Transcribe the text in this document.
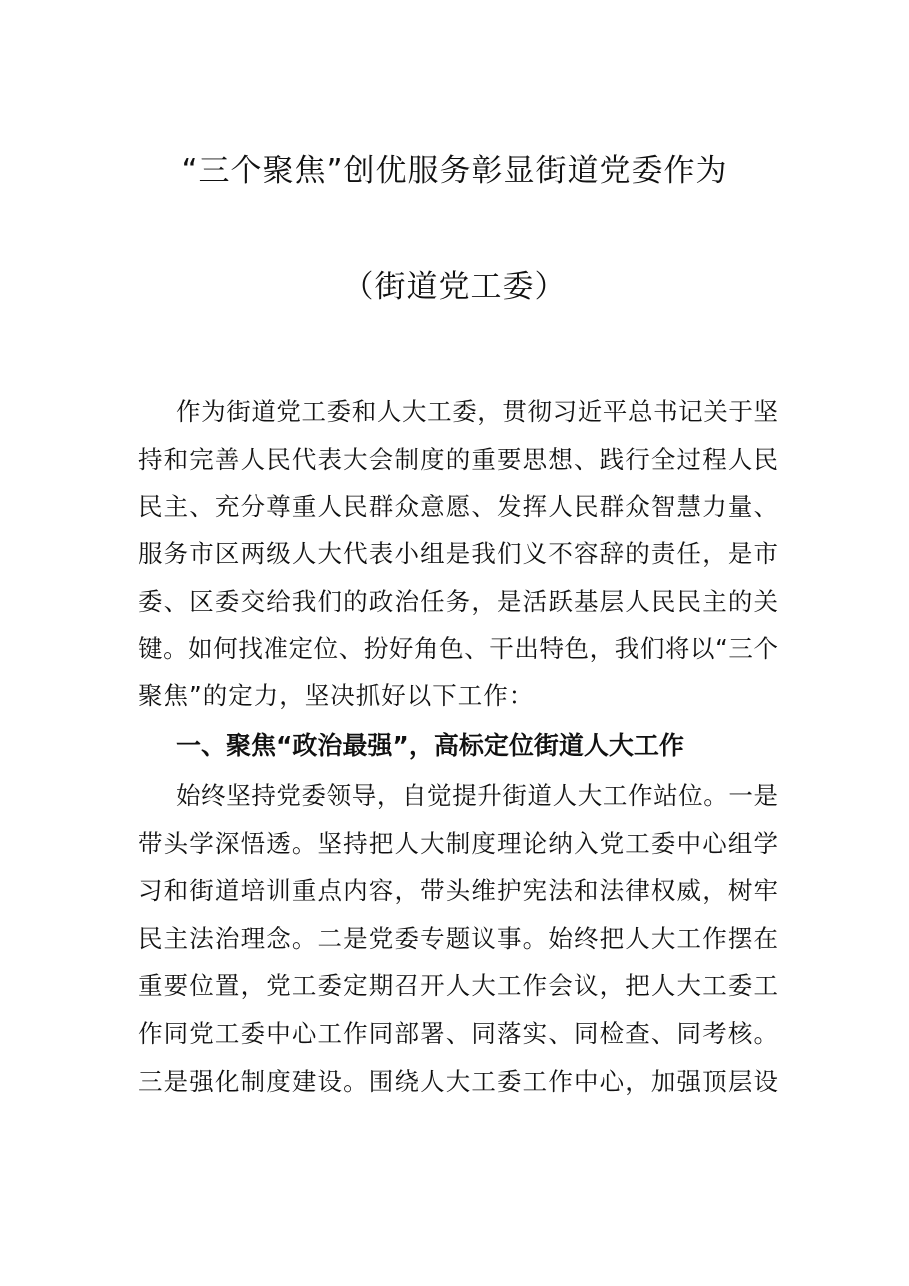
“三个聚焦”创优服务彰显街道党委作为
（街道党工委）

作为街道党工委和人大工委，贯彻习近平总书记关于坚

持和完善人民代表大会制度的重要思想、践行全过程人民

民主、充分尊重人民群众意愿、发挥人民群众智慧力量、

服务市区两级人大代表小组是我们义不容辞的责任，是市

委、区委交给我们的政治任务，是活跃基层人民民主的关

键。如何找准定位、扮好角色、干出特色，我们将以“三个

聚焦”的定力，坚决抓好以下工作：

一、聚焦“政治最强”，高标定位街道人大工作

始终坚持党委领导，自觉提升街道人大工作站位。一是

带头学深悟透。坚持把人大制度理论纳入党工委中心组学

习和街道培训重点内容，带头维护宪法和法律权威，树牢

民主法治理念。二是党委专题议事。始终把人大工作摆在

重要位置，党工委定期召开人大工作会议，把人大工委工

作同党工委中心工作同部署、同落实、同检查、同考核。

三是强化制度建设。围绕人大工委工作中心，加强顶层设
